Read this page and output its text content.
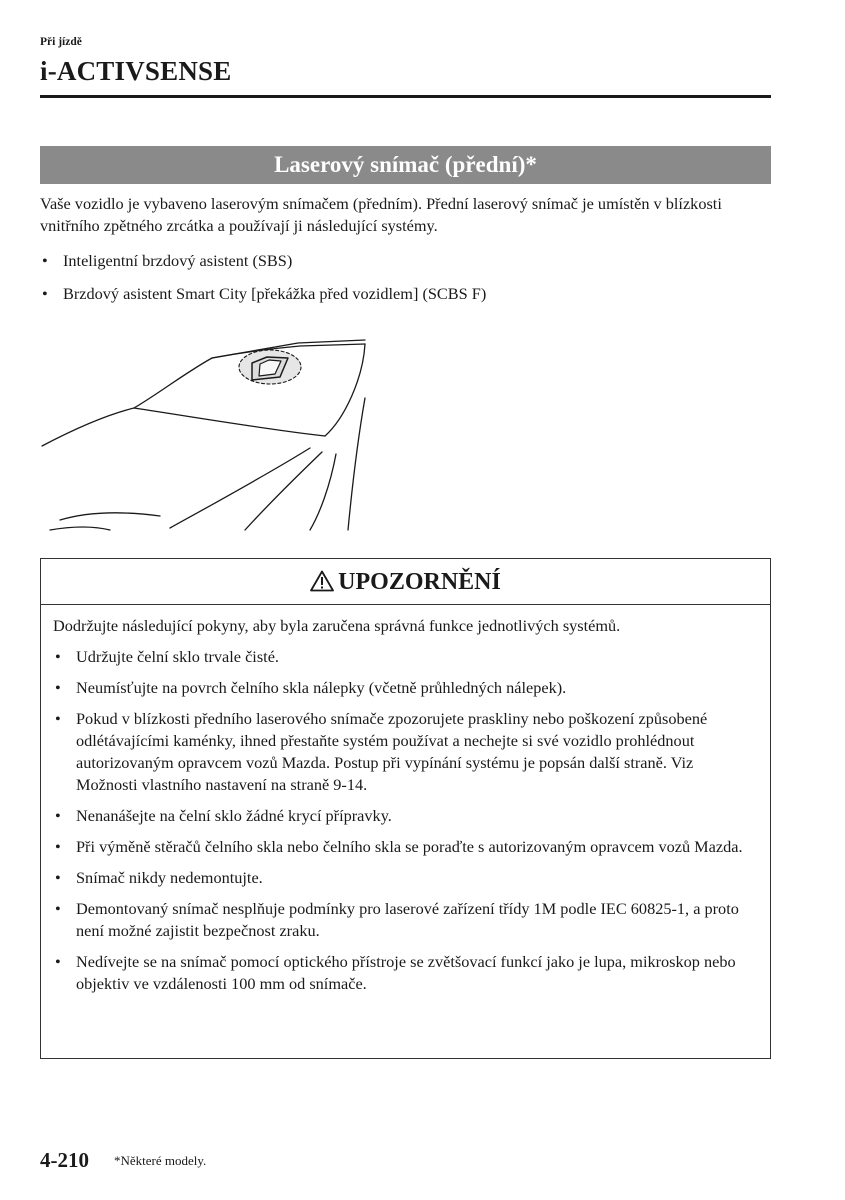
Při jízdě
i-ACTIVSENSE
Laserový snímač (přední)*

Vaše vozidlo je vybaveno laserovým snímačem (předním). Přední laserový snímač je umístěn v blízkosti vnitřního zpětného zrcátka a používají ji následující systémy.

• Inteligentní brzdový asistent (SBS)
• Brzdový asistent Smart City [překážka před vozidlem] (SCBS F)
UPOZORNĚNÍ

Dodržujte následující pokyny, aby byla zaručena správná funkce jednotlivých systémů.

• Udržujte čelní sklo trvale čisté.
• Neumísťujte na povrch čelního skla nálepky (včetně průhledných nálepek).
• Pokud v blízkosti předního laserového snímače zpozorujete praskliny nebo poškození způsobené odlétávajícími kaménky, ihned přestaňte systém používat a nechejte si své vozidlo prohlédnout autorizovaným opravcem vozů Mazda. Postup při vypínání systému je popsán další straně. Viz Možnosti vlastního nastavení na straně 9-14.
• Nenanášejte na čelní sklo žádné krycí přípravky.
• Při výměně stěračů čelního skla nebo čelního skla se poraďte s autorizovaným opravcem vozů Mazda.
• Snímač nikdy nedemontujte.
• Demontovaný snímač nesplňuje podmínky pro laserové zařízení třídy 1M podle IEC 60825-1, a proto není možné zajistit bezpečnost zraku.
• Nedívejte se na snímač pomocí optického přístroje se zvětšovací funkcí jako je lupa, mikroskop nebo objektiv ve vzdálenosti 100 mm od snímače.
4-210 *Některé modely.
